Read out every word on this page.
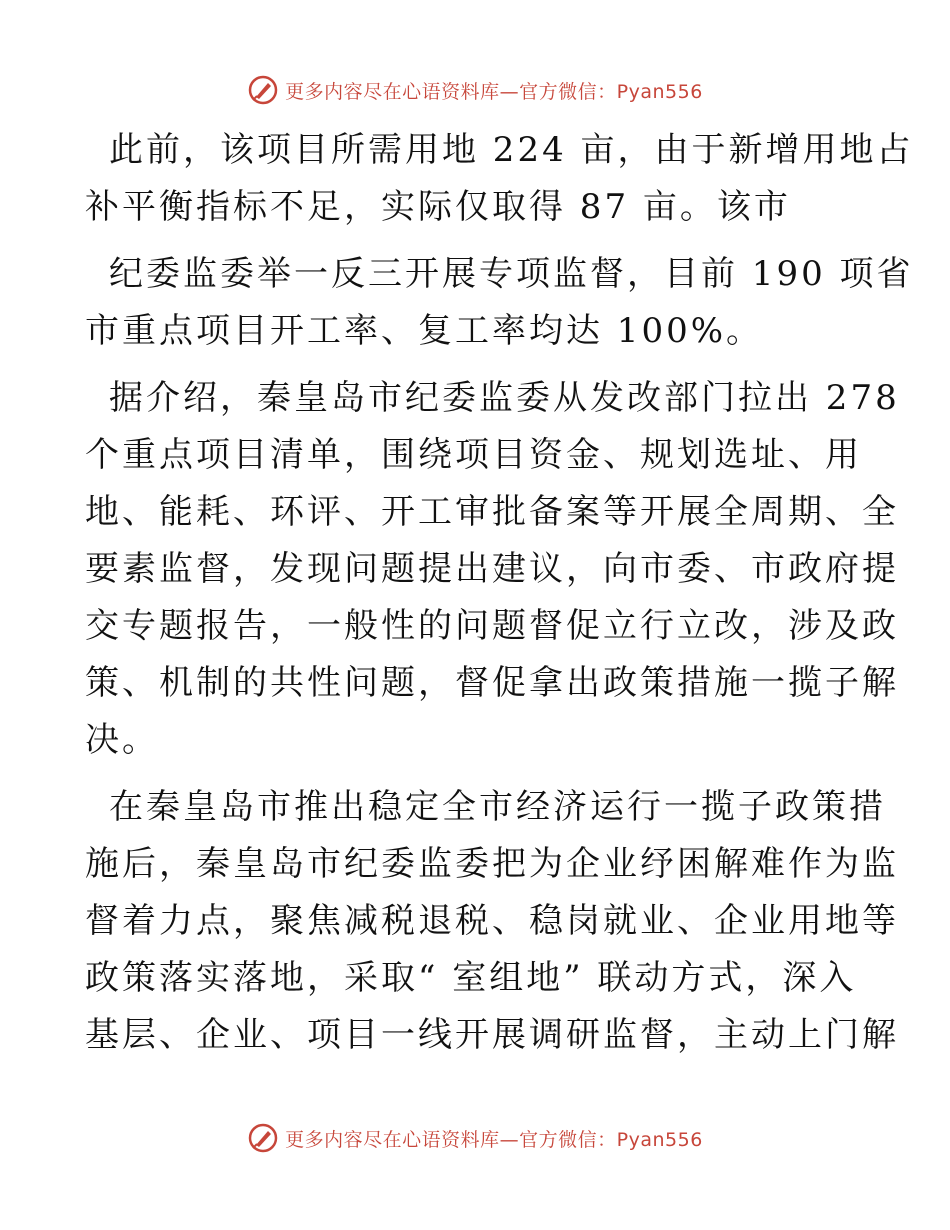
更多内容尽在心语资料库—官方微信：Pyan556

此前，该项目所需用地 224 亩，由于新增用地占
补平衡指标不足，实际仅取得 87 亩。该市

纪委监委举一反三开展专项监督，目前 190 项省
市重点项目开工率、复工率均达 100%。

据介绍，秦皇岛市纪委监委从发改部门拉出 278
个重点项目清单，围绕项目资金、规划选址、用
地、能耗、环评、开工审批备案等开展全周期、全
要素监督，发现问题提出建议，向市委、市政府提
交专题报告，一般性的问题督促立行立改，涉及政
策、机制的共性问题，督促拿出政策措施一揽子解
决。

在秦皇岛市推出稳定全市经济运行一揽子政策措
施后，秦皇岛市纪委监委把为企业纾困解难作为监
督着力点，聚焦减税退税、稳岗就业、企业用地等
政策落实落地，采取“ 室组地” 联动方式，深入
基层、企业、项目一线开展调研监督，主动上门解

更多内容尽在心语资料库—官方微信：Pyan556
